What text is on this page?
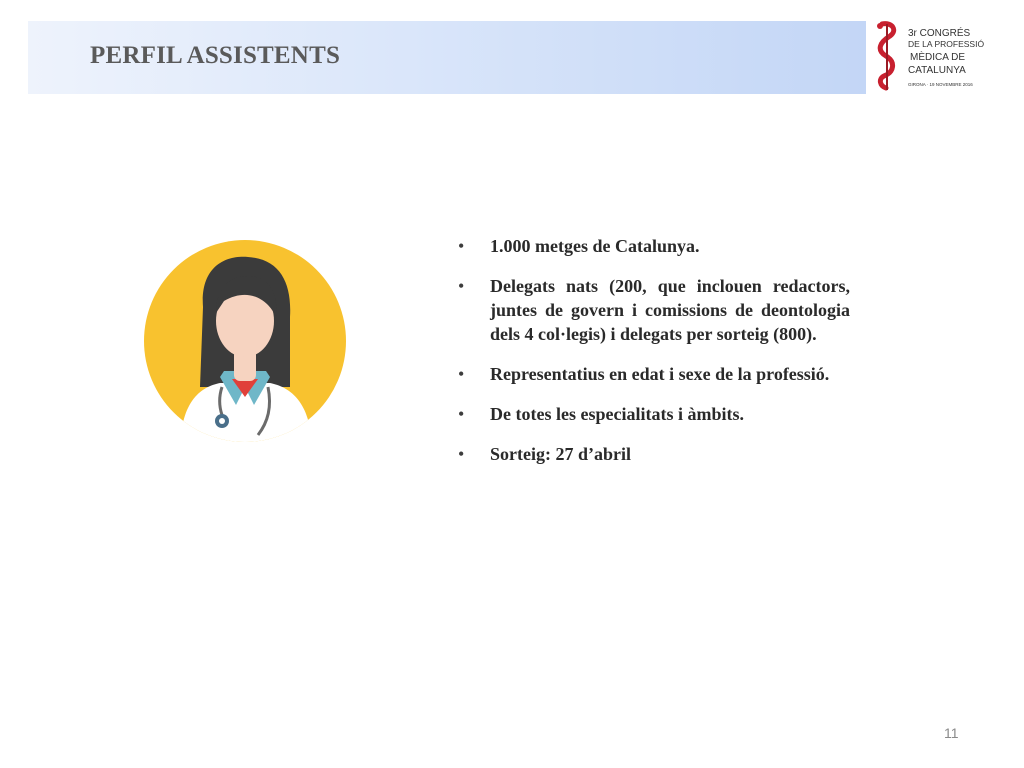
PERFIL ASSISTENTS
3r CONGRÉS
DE LA PROFESSIÓ
MÈDICA DE
CATALUNYA
GIRONA · 19 NOVEMBRE 2016
• 1.000 metges de Catalunya.
• Delegats nats (200, que inclouen redactors, juntes de govern i comissions de deontologia dels 4 col·legis) i delegats per sorteig (800).
• Representatius en edat i sexe de la professió.
• De totes les especialitats i àmbits.
• Sorteig: 27 d’abril
11
